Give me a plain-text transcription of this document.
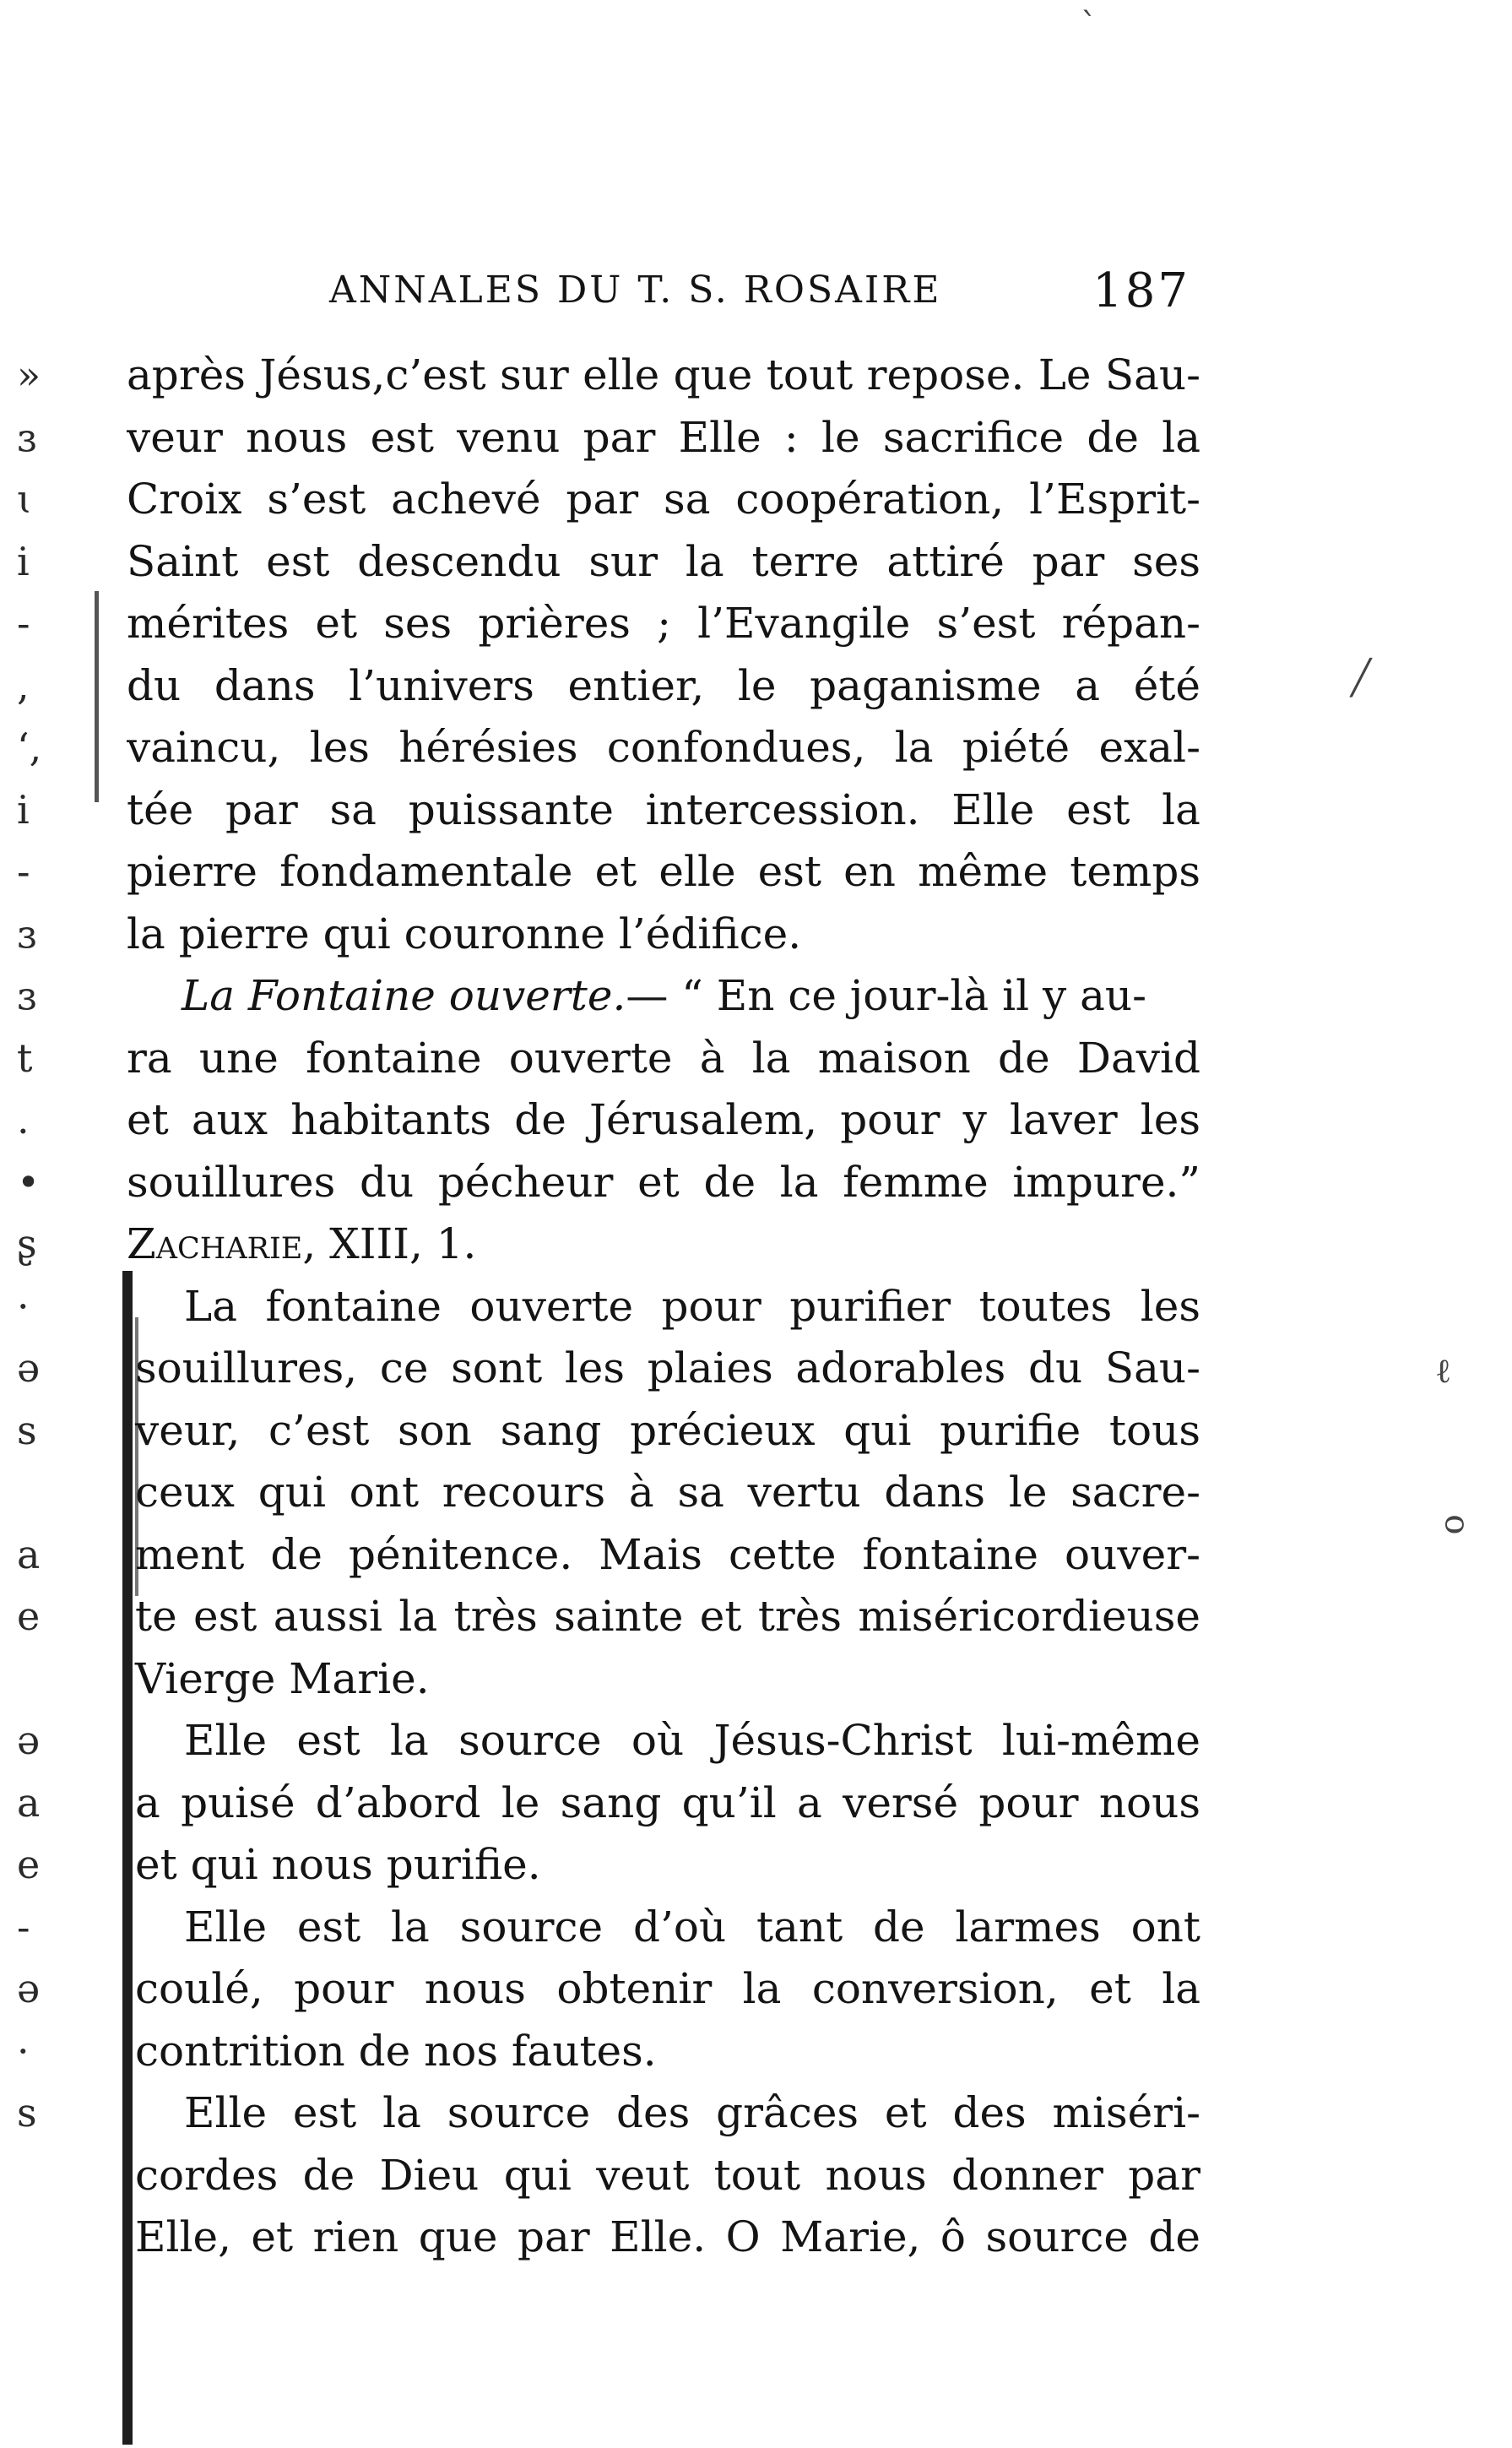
ANNALES DU T. S. ROSAIRE	187
»
ɜ
ɩ
i
-
,
ʻ,
i
-
ɜ
ɜ
t
.
•
ʂ
·
ə
s
a
e
ə
a
e
-
ə
·
s
ˋ
╱
ℓ
ᴑ
après Jésus,c’est sur elle que tout repose. Le Sau-
veur nous est venu par Elle : le sacrifice de la
Croix s’est achevé par sa coopération, l’Esprit-
Saint est descendu sur la terre attiré par ses
mérites et ses prières ; l’Evangile s’est répan-
du dans l’univers entier, le paganisme a été
vaincu, les hérésies confondues, la piété exal-
tée par sa puissante intercession. Elle est la
pierre fondamentale et elle est en même temps
la pierre qui couronne l’édifice.
La Fontaine ouverte.— “ En ce jour-là il y au-
ra une fontaine ouverte à la maison de David
et aux habitants de Jérusalem, pour y laver les
souillures du pécheur et de la femme impure.”
Zacharie, XIII, 1.
La fontaine ouverte pour purifier toutes les
souillures, ce sont les plaies adorables du Sau-
veur, c’est son sang précieux qui purifie tous
ceux qui ont recours à sa vertu dans le sacre-
ment de pénitence. Mais cette fontaine ouver-
te est aussi la très sainte et très miséricordieuse
Vierge Marie.
Elle est la source où Jésus-Christ lui-même
a puisé d’abord le sang qu’il a versé pour nous
et qui nous purifie.
Elle est la source d’où tant de larmes ont
coulé, pour nous obtenir la conversion, et la
contrition de nos fautes.
Elle est la source des grâces et des miséri-
cordes de Dieu qui veut tout nous donner par
Elle, et rien que par Elle. O Marie, ô source de
